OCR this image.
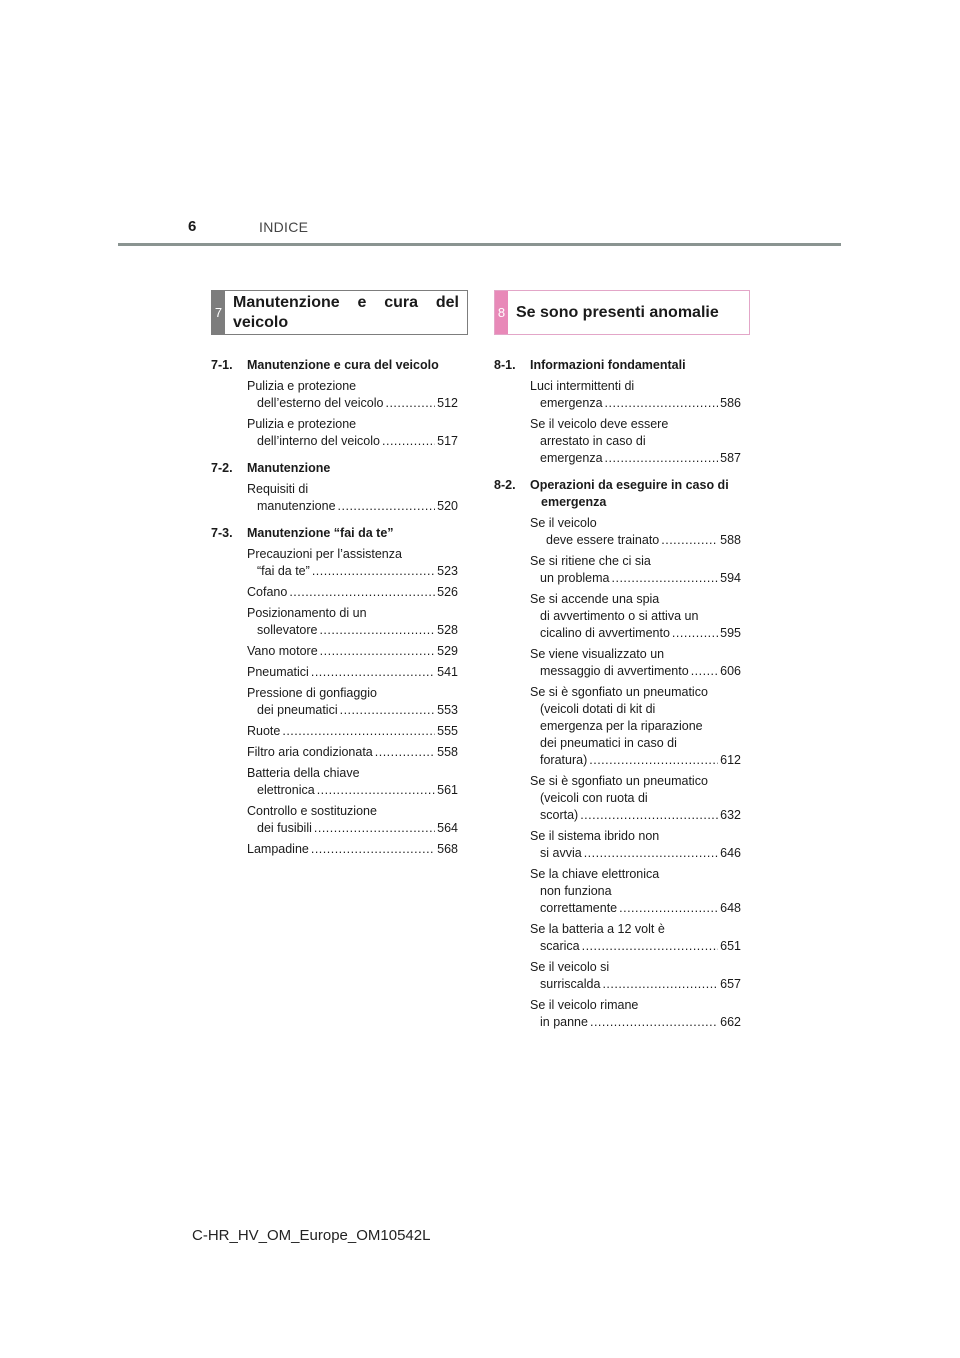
6	INDICE
7
Manutenzione e cura del veicolo
8 Se sono presenti anomalie
7-1.	Manutenzione e cura del veicolo
Pulizia e protezione
dell’esterno del veicolo .....	512
Pulizia e protezione
dell’interno del veicolo .....	517
7-2.	Manutenzione
Requisiti di
manutenzione .....	520
7-3.	Manutenzione “fai da te”
Precauzioni per l’assistenza
“fai da te” .....	523
Cofano .....	526
Posizionamento di un
sollevatore .....	528
Vano motore .....	529
Pneumatici .....	541
Pressione di gonfiaggio
dei pneumatici .....	553
Ruote .....	555
Filtro aria condizionata .....	558
Batteria della chiave
elettronica .....	561
Controllo e sostituzione
dei fusibili .....	564
Lampadine .....	568
8-1.	Informazioni fondamentali
Luci intermittenti di
emergenza .....	586
Se il veicolo deve essere
arrestato in caso di
emergenza .....	587
8-2.	Operazioni da eseguire in caso di emergenza
Se il veicolo
deve essere trainato .....	588
Se si ritiene che ci sia
un problema .....	594
Se si accende una spia
di avvertimento o si attiva un
cicalino di avvertimento .....	595
Se viene visualizzato un
messaggio di avvertimento .....	606
Se si è sgonfiato un pneumatico
(veicoli dotati di kit di
emergenza per la riparazione
dei pneumatici in caso di
foratura) .....	612
Se si è sgonfiato un pneumatico
(veicoli con ruota di
scorta) .....	632
Se il sistema ibrido non
si avvia .....	646
Se la chiave elettronica
non funziona
correttamente .....	648
Se la batteria a 12 volt è
scarica .....	651
Se il veicolo si
surriscalda .....	657
Se il veicolo rimane
in panne .....	662
C-HR_HV_OM_Europe_OM10542L
